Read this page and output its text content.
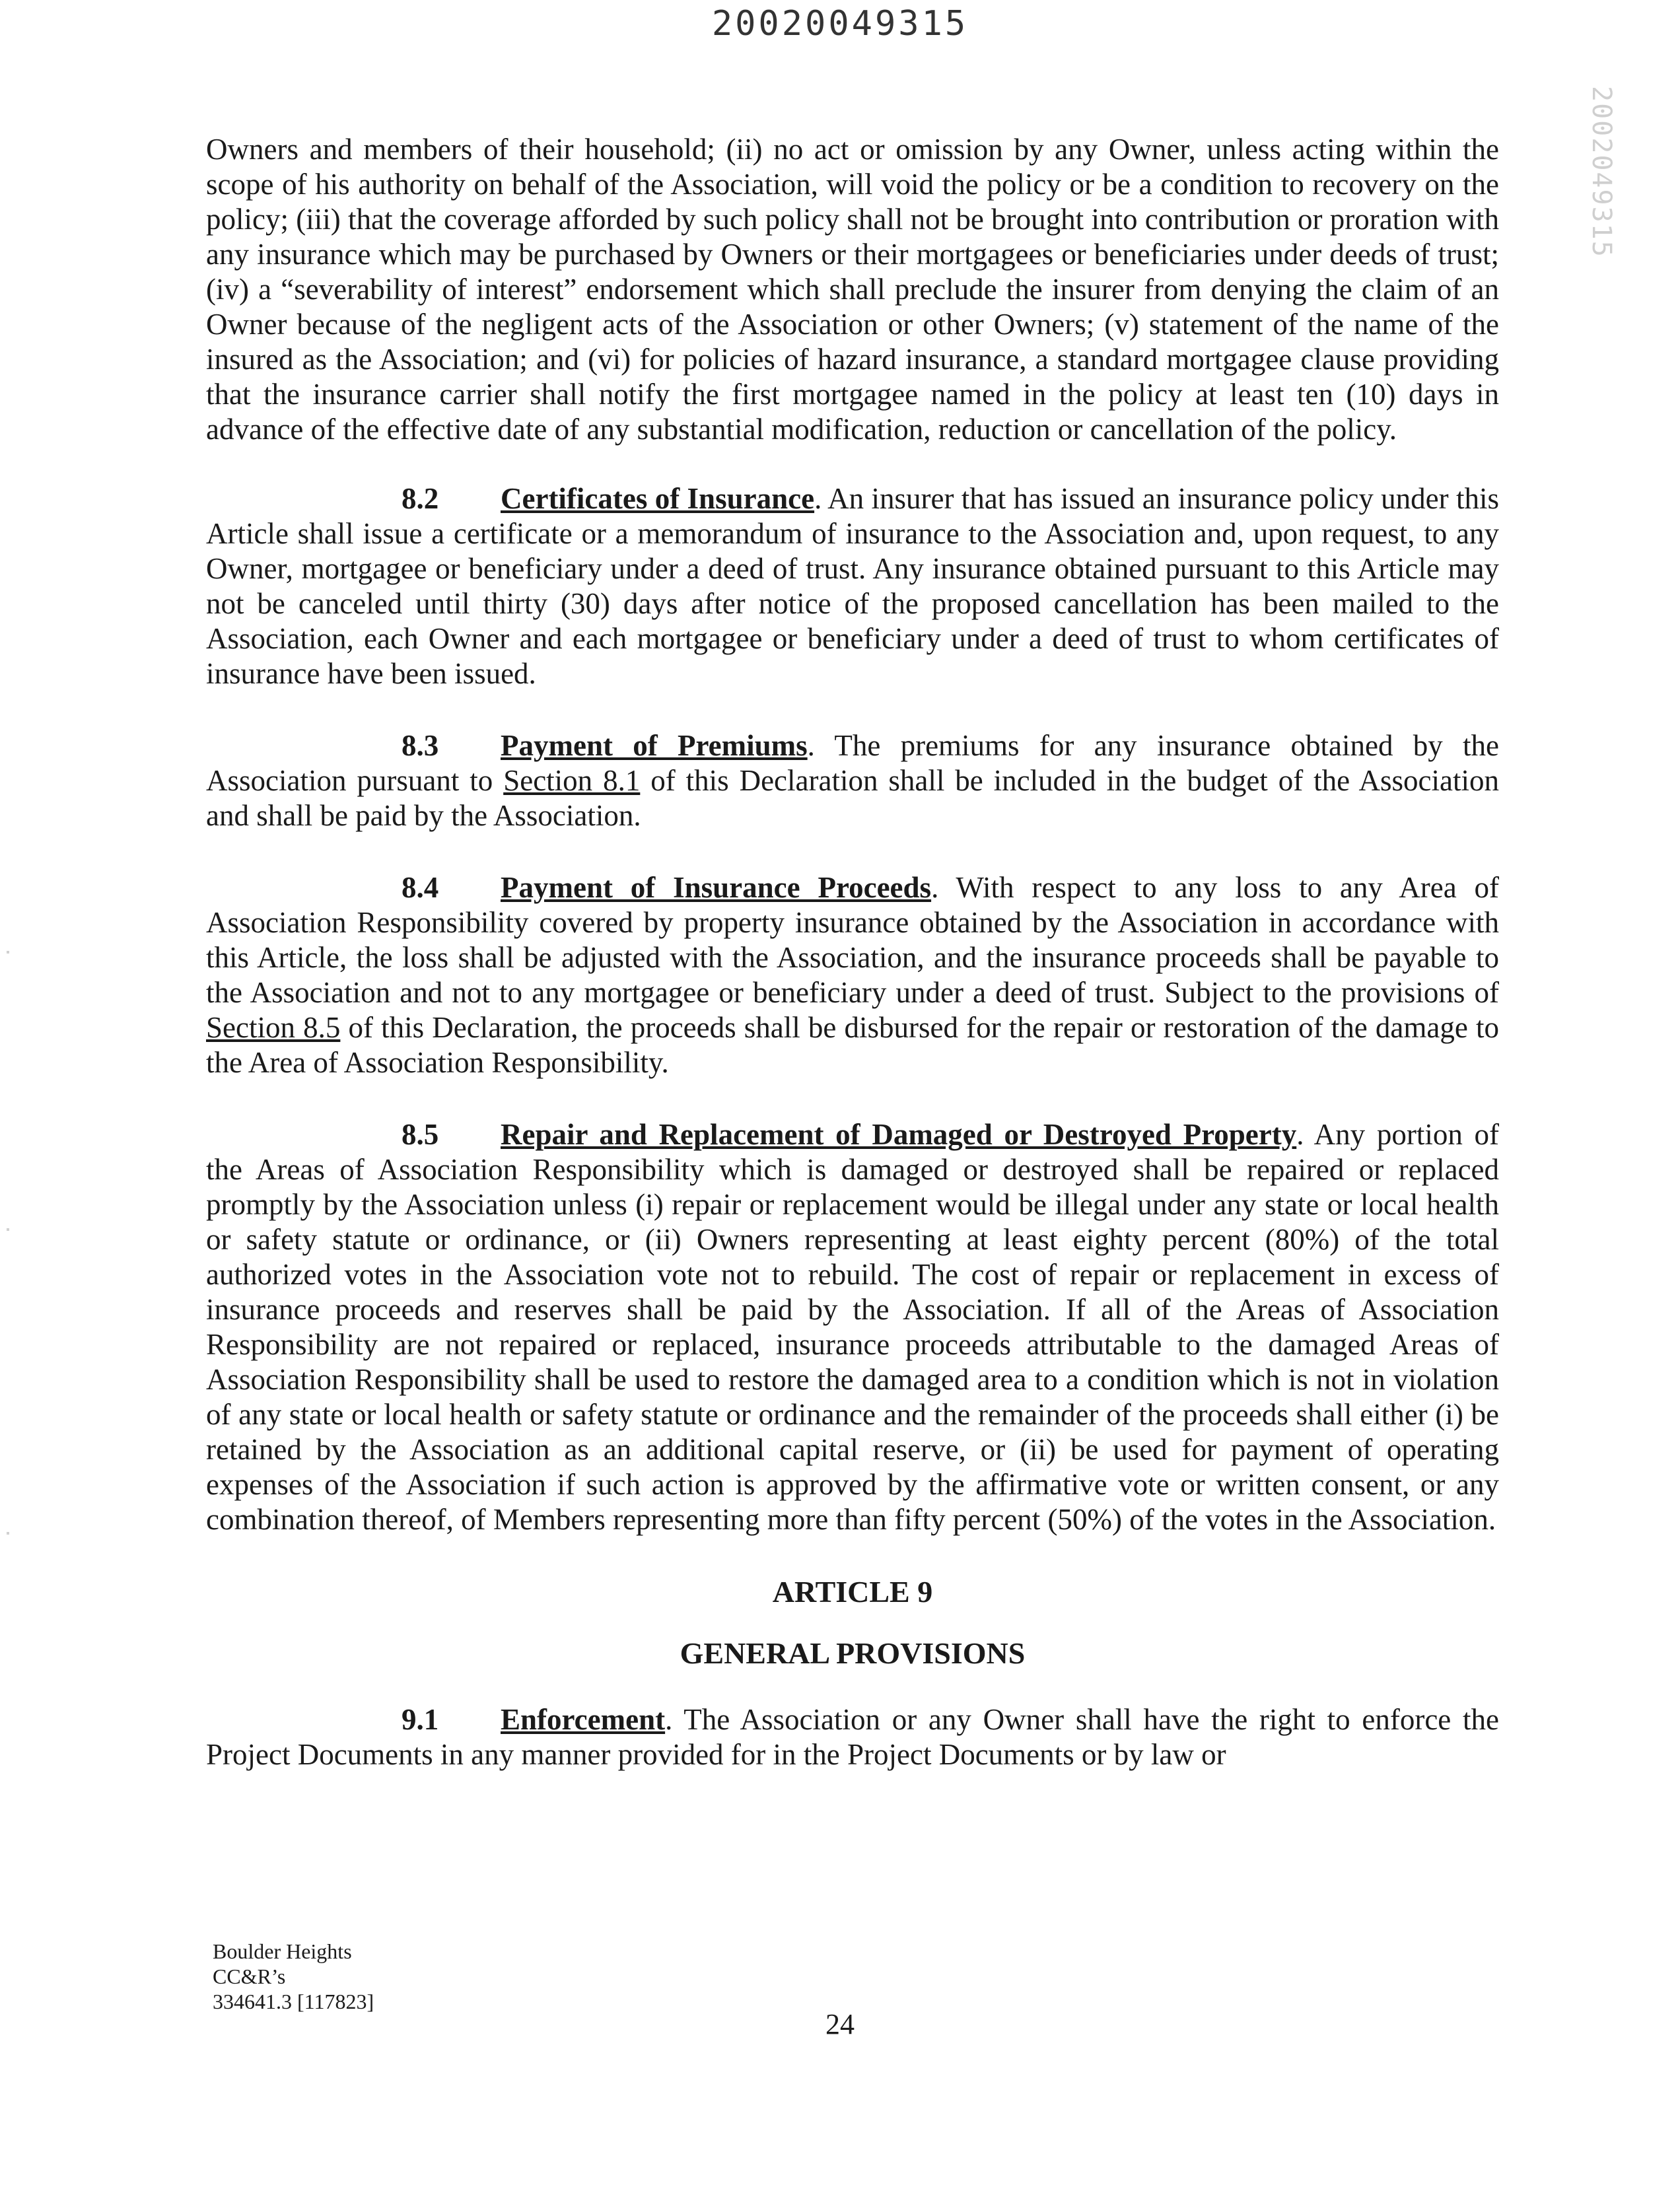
20020049315
2002049315

Owners and members of their household; (ii) no act or omission by any Owner, unless acting within the scope of his authority on behalf of the Association, will void the policy or be a condition to recovery on the policy; (iii) that the coverage afforded by such policy shall not be brought into contribution or proration with any insurance which may be purchased by Owners or their mortgagees or beneficiaries under deeds of trust; (iv) a “severability of interest” endorsement which shall preclude the insurer from denying the claim of an Owner because of the negligent acts of the Association or other Owners; (v) statement of the name of the insured as the Association; and (vi) for policies of hazard insurance, a standard mortgagee clause providing that the insurance carrier shall notify the first mortgagee named in the policy at least ten (10) days in advance of the effective date of any substantial modification, reduction or cancellation of the policy.

8.2 Certificates of Insurance. An insurer that has issued an insurance policy under this Article shall issue a certificate or a memorandum of insurance to the Association and, upon request, to any Owner, mortgagee or beneficiary under a deed of trust. Any insurance obtained pursuant to this Article may not be canceled until thirty (30) days after notice of the proposed cancellation has been mailed to the Association, each Owner and each mortgagee or beneficiary under a deed of trust to whom certificates of insurance have been issued.

8.3 Payment of Premiums. The premiums for any insurance obtained by the Association pursuant to Section 8.1 of this Declaration shall be included in the budget of the Association and shall be paid by the Association.

8.4 Payment of Insurance Proceeds. With respect to any loss to any Area of Association Responsibility covered by property insurance obtained by the Association in accordance with this Article, the loss shall be adjusted with the Association, and the insurance proceeds shall be payable to the Association and not to any mortgagee or beneficiary under a deed of trust. Subject to the provisions of Section 8.5 of this Declaration, the proceeds shall be disbursed for the repair or restoration of the damage to the Area of Association Responsibility.

8.5 Repair and Replacement of Damaged or Destroyed Property. Any portion of the Areas of Association Responsibility which is damaged or destroyed shall be repaired or replaced promptly by the Association unless (i) repair or replacement would be illegal under any state or local health or safety statute or ordinance, or (ii) Owners representing at least eighty percent (80%) of the total authorized votes in the Association vote not to rebuild. The cost of repair or replacement in excess of insurance proceeds and reserves shall be paid by the Association. If all of the Areas of Association Responsibility are not repaired or replaced, insurance proceeds attributable to the damaged Areas of Association Responsibility shall be used to restore the damaged area to a condition which is not in violation of any state or local health or safety statute or ordinance and the remainder of the proceeds shall either (i) be retained by the Association as an additional capital reserve, or (ii) be used for payment of operating expenses of the Association if such action is approved by the affirmative vote or written consent, or any combination thereof, of Members representing more than fifty percent (50%) of the votes in the Association.

ARTICLE 9

GENERAL PROVISIONS

9.1 Enforcement. The Association or any Owner shall have the right to enforce the Project Documents in any manner provided for in the Project Documents or by law or

Boulder Heights
CC&R’s
334641.3 [117823]
24
